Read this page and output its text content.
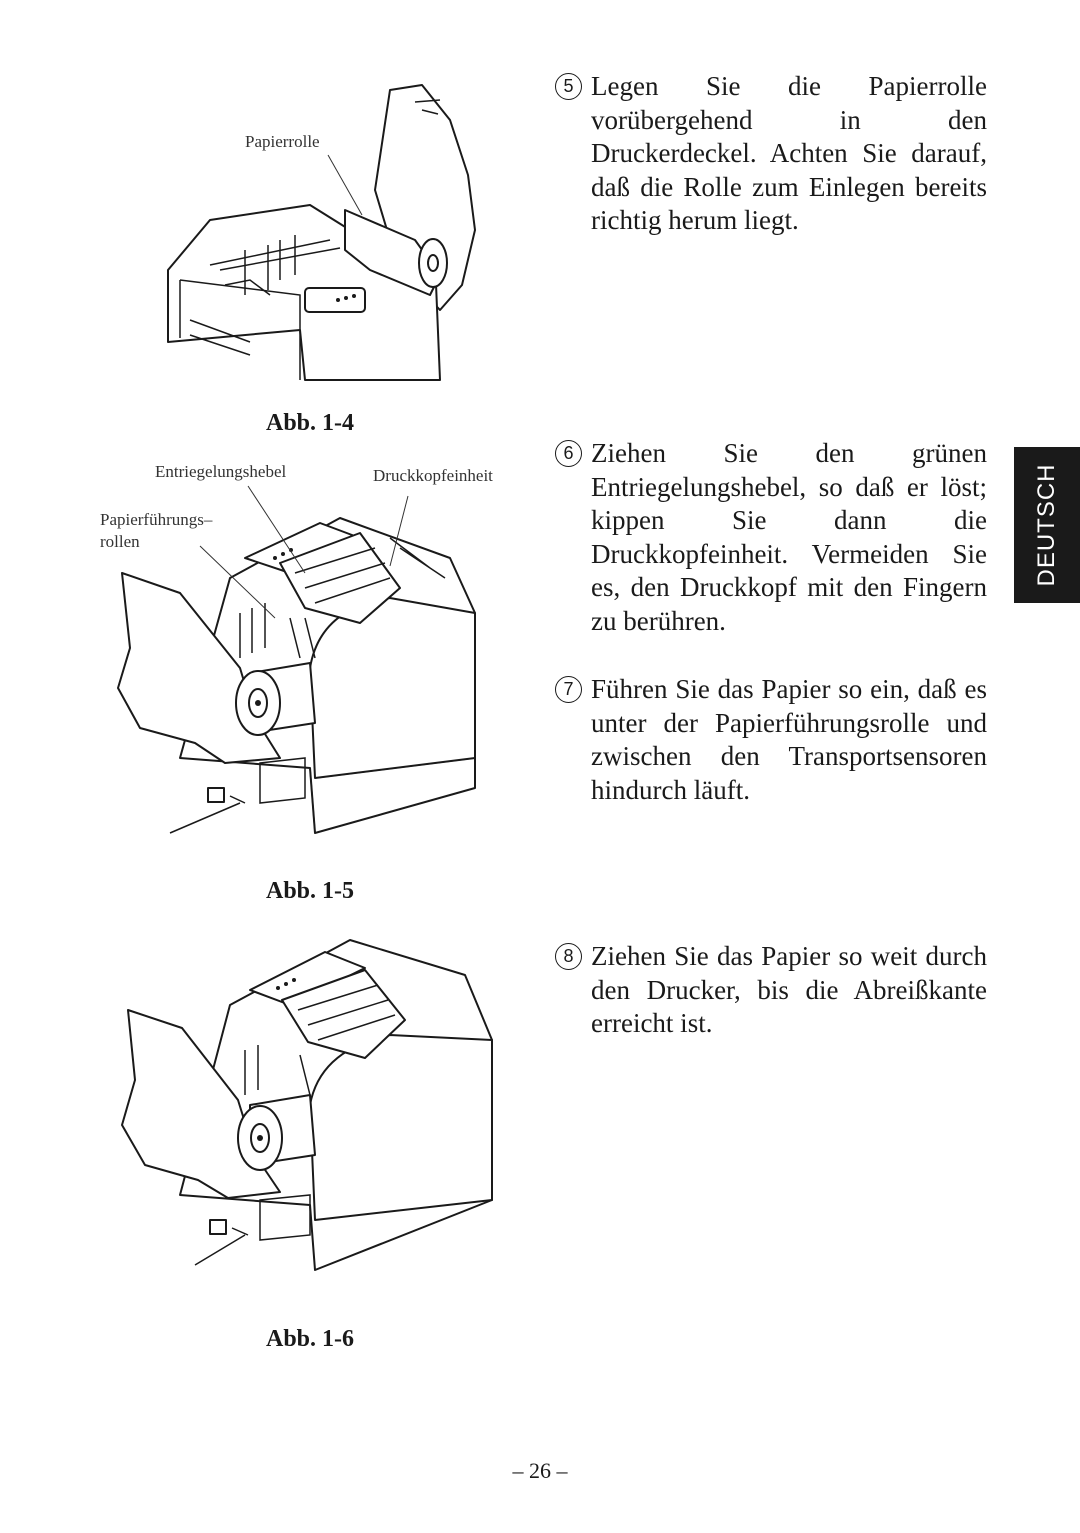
Papierrolle
Abb. 1-4
Entriegelungshebel	Druckkopfeinheit
Papierführungs–
rollen
Abb. 1-5
Abb. 1-6
5 Legen Sie die Papierrolle vorübergehend in den Druckerdeckel. Achten Sie darauf, daß die Rolle zum Einlegen bereits richtig herum liegt.
6 Ziehen Sie den grünen Entriegelungshebel, so daß er löst; kippen Sie dann die Druckkopfeinheit. Vermeiden Sie es, den Druckkopf mit den Fingern zu berühren.
7 Führen Sie das Papier so ein, daß es unter der Papierführungsrolle und zwischen den Transportsensoren hindurch läuft.
8 Ziehen Sie das Papier so weit durch den Drucker, bis die Abreißkante erreicht ist.
DEUTSCH
– 26 –
